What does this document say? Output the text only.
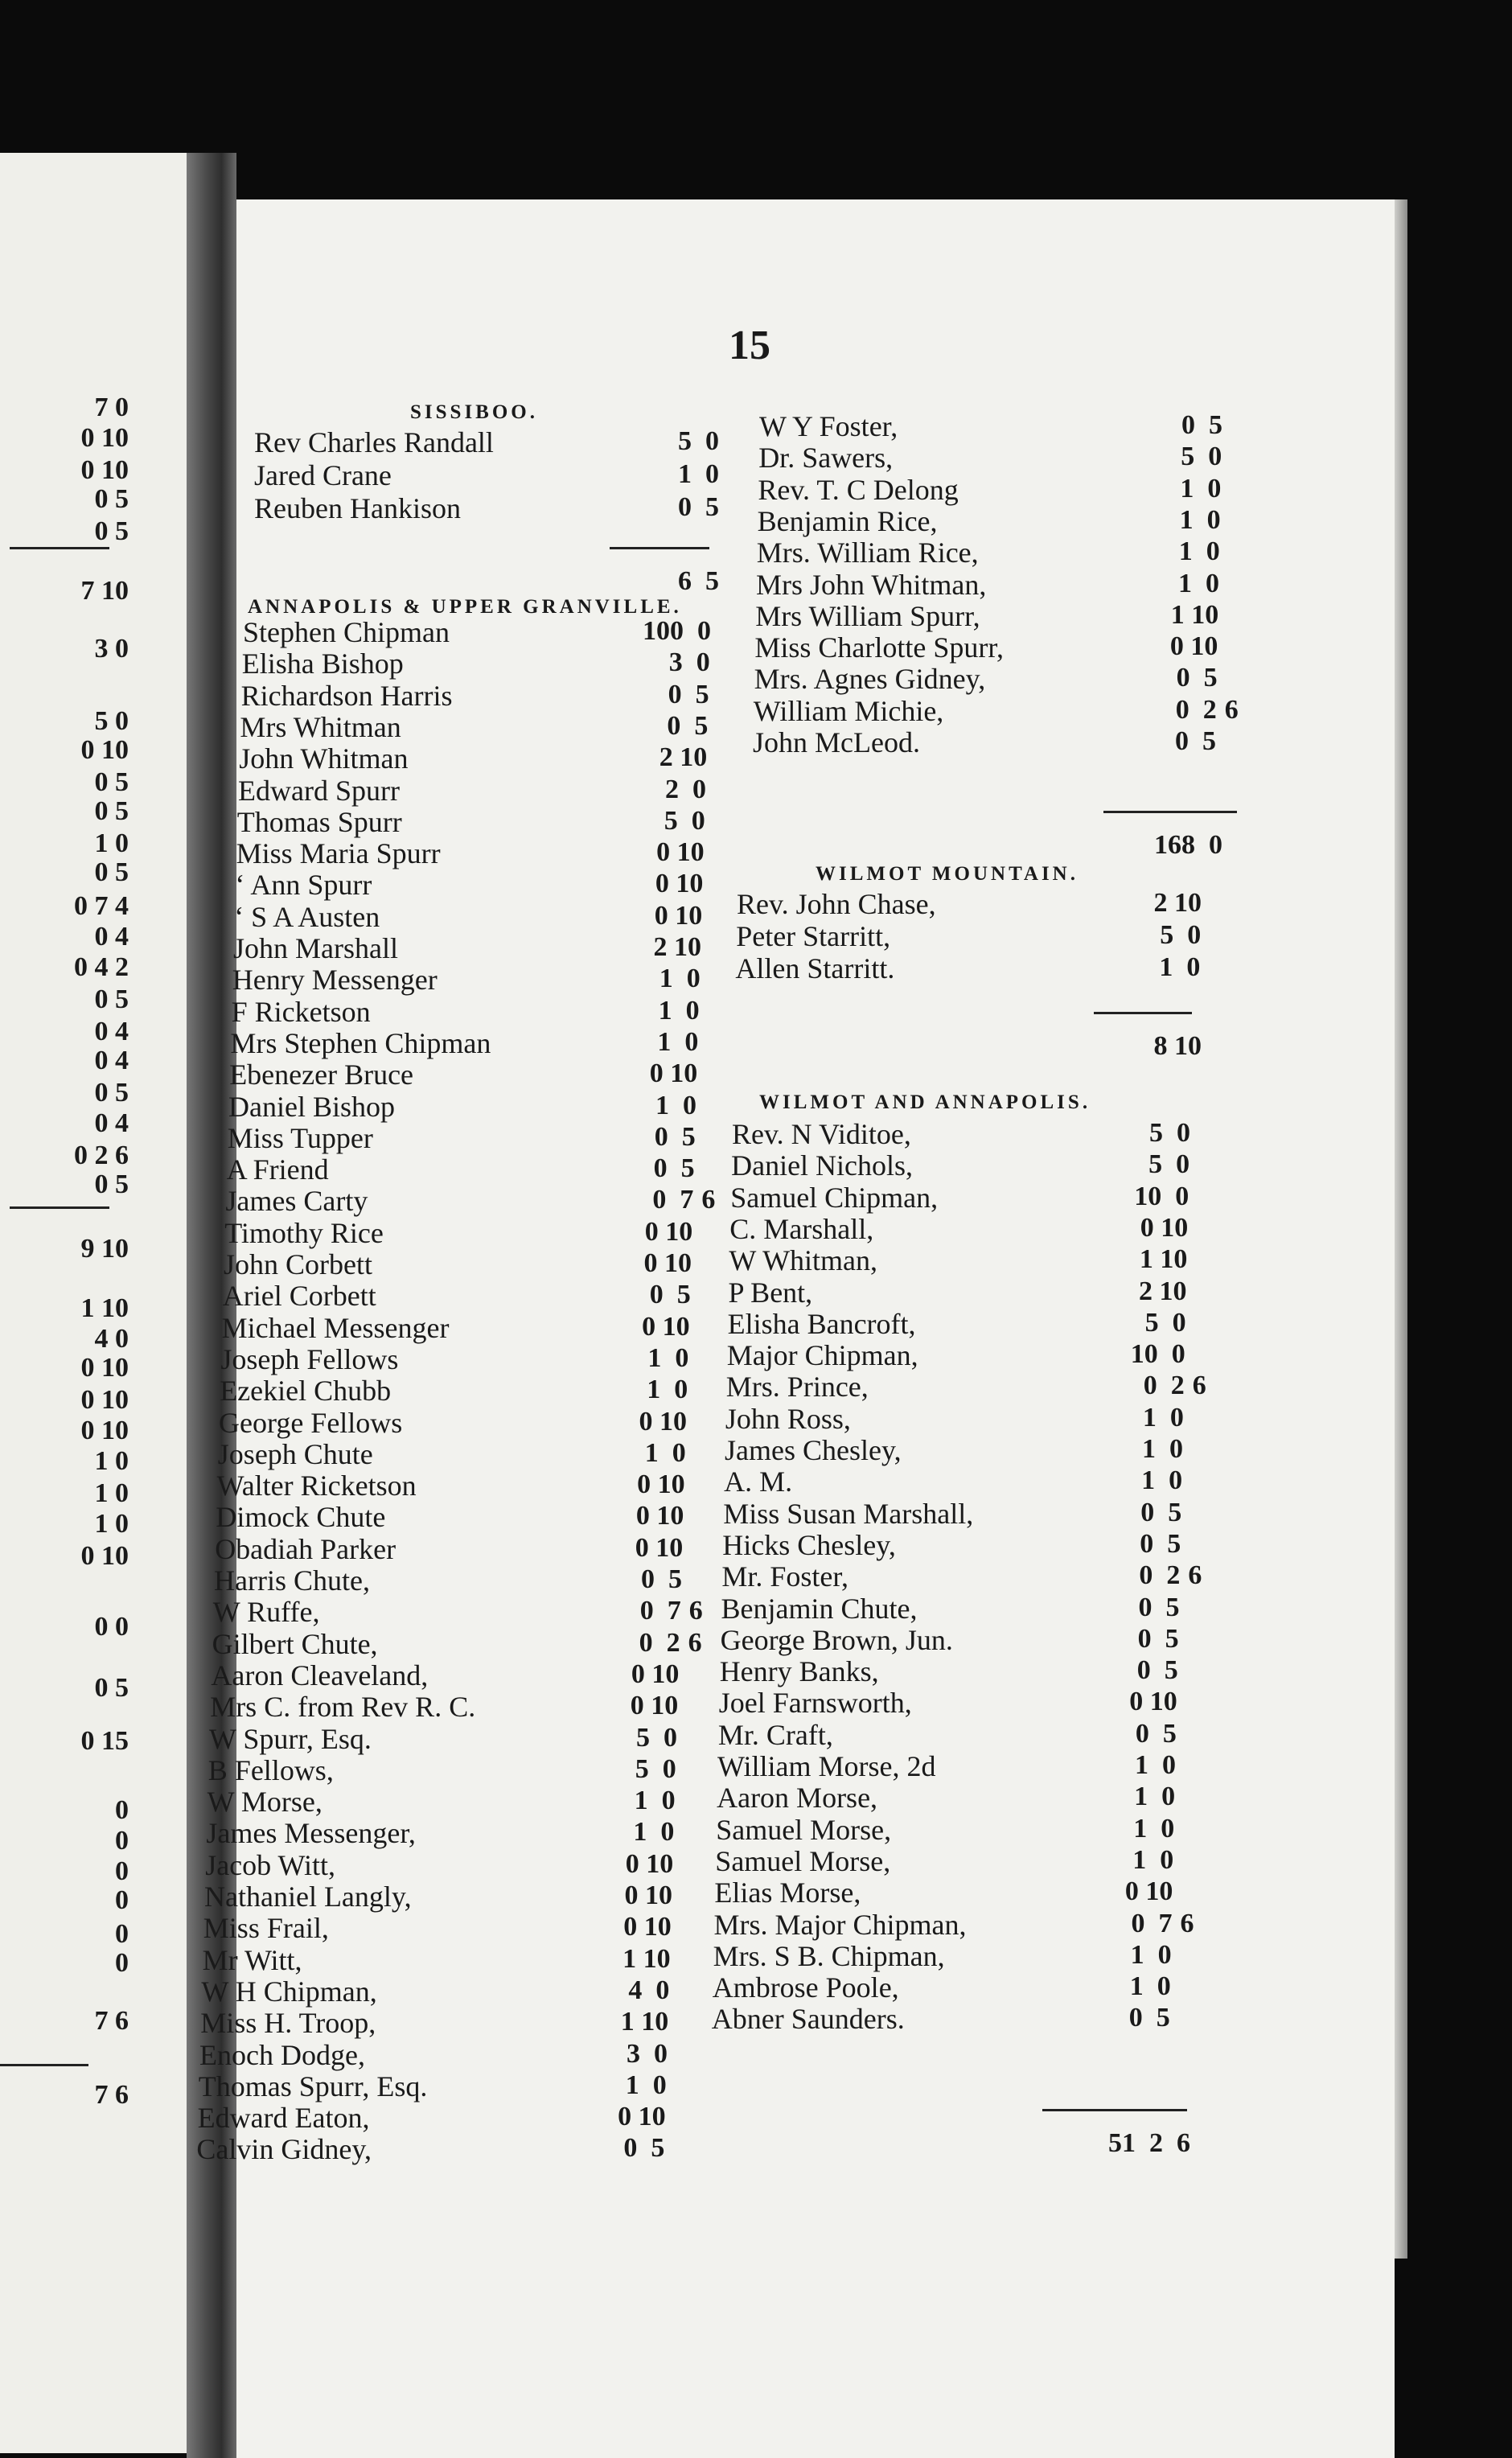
15
7 0
0 10
0 10
0 5
0 5
7 10
3 0
5 0
0 10
0 5
0 5
1 0
0 5
0 7 4
0 4
0 4 2
0 5
0 4
0 4
0 5
0 4
0 2 6
0 5
9 10
1 10
4 0
0 10
0 10
0 10
1 0
1 0
1 0
0 10
0 0
0 5
0 15
0
0
0
0
0
0
7 6
7 6
SISSIBOO.
Rev Charles Randall	5  0
Jared Crane	1  0
Reuben Hankison	0  5
6  5
ANNAPOLIS & UPPER GRANVILLE.
Stephen Chipman	100  0
Elisha Bishop	3  0
Richardson Harris	0  5
Mrs Whitman	0  5
John Whitman	2 10
Edward Spurr	2  0
Thomas Spurr	5  0
Miss Maria Spurr	0 10
‘ Ann Spurr	0 10
‘ S A Austen	0 10
John Marshall	2 10
Henry Messenger	1  0
F Ricketson	1  0
Mrs Stephen Chipman	1  0
Ebenezer Bruce	0 10
Daniel Bishop	1  0
Miss Tupper	0  5
A Friend	0  5
James Carty	0  7 6
Timothy Rice	0 10
John Corbett	0 10
Ariel Corbett	0  5
Michael Messenger	0 10
Joseph Fellows	1  0
Ezekiel Chubb	1  0
George Fellows	0 10
Joseph Chute	1  0
Walter Ricketson	0 10
Dimock Chute	0 10
Obadiah Parker	0 10
Harris Chute,	0  5
W Ruffe,	0  7 6
Gilbert Chute,	0  2 6
Aaron Cleaveland,	0 10
Mrs C. from Rev R. C.	0 10
W Spurr, Esq.	5  0
B Fellows,	5  0
W Morse,	1  0
James Messenger,	1  0
Jacob Witt,	0 10
Nathaniel Langly,	0 10
Miss Frail,	0 10
Mr Witt,	1 10
W H Chipman,	4  0
Miss H. Troop,	1 10
Enoch Dodge,	3  0
Thomas Spurr, Esq.	1  0
Edward Eaton,	0 10
Calvin Gidney,	0  5
W Y Foster,	0  5
Dr. Sawers,	5  0
Rev. T. C Delong	1  0
Benjamin Rice,	1  0
Mrs. William Rice,	1  0
Mrs John Whitman,	1  0
Mrs William Spurr,	1 10
Miss Charlotte Spurr,	0 10
Mrs. Agnes Gidney,	0  5
William Michie,	0  2 6
John McLeod.	0  5
168  0
WILMOT MOUNTAIN.
Rev. John Chase,	2 10
Peter Starritt,	5  0
Allen Starritt.	1  0
8 10
WILMOT AND ANNAPOLIS.
Rev. N Viditoe,	5  0
Daniel Nichols,	5  0
Samuel Chipman,	10  0
C. Marshall,	0 10
W Whitman,	1 10
P Bent,	2 10
Elisha Bancroft,	5  0
Major Chipman,	10  0
Mrs. Prince,	0  2 6
John Ross,	1  0
James Chesley,	1  0
A. M.	1  0
Miss Susan Marshall,	0  5
Hicks Chesley,	0  5
Mr. Foster,	0  2 6
Benjamin Chute,	0  5
George Brown, Jun.	0  5
Henry Banks,	0  5
Joel Farnsworth,	0 10
Mr. Craft,	0  5
William Morse, 2d	1  0
Aaron Morse,	1  0
Samuel Morse,	1  0
Samuel Morse,	1  0
Elias Morse,	0 10
Mrs. Major Chipman,	0  7 6
Mrs. S B. Chipman,	1  0
Ambrose Poole,	1  0
Abner Saunders.	0  5
51  2  6
